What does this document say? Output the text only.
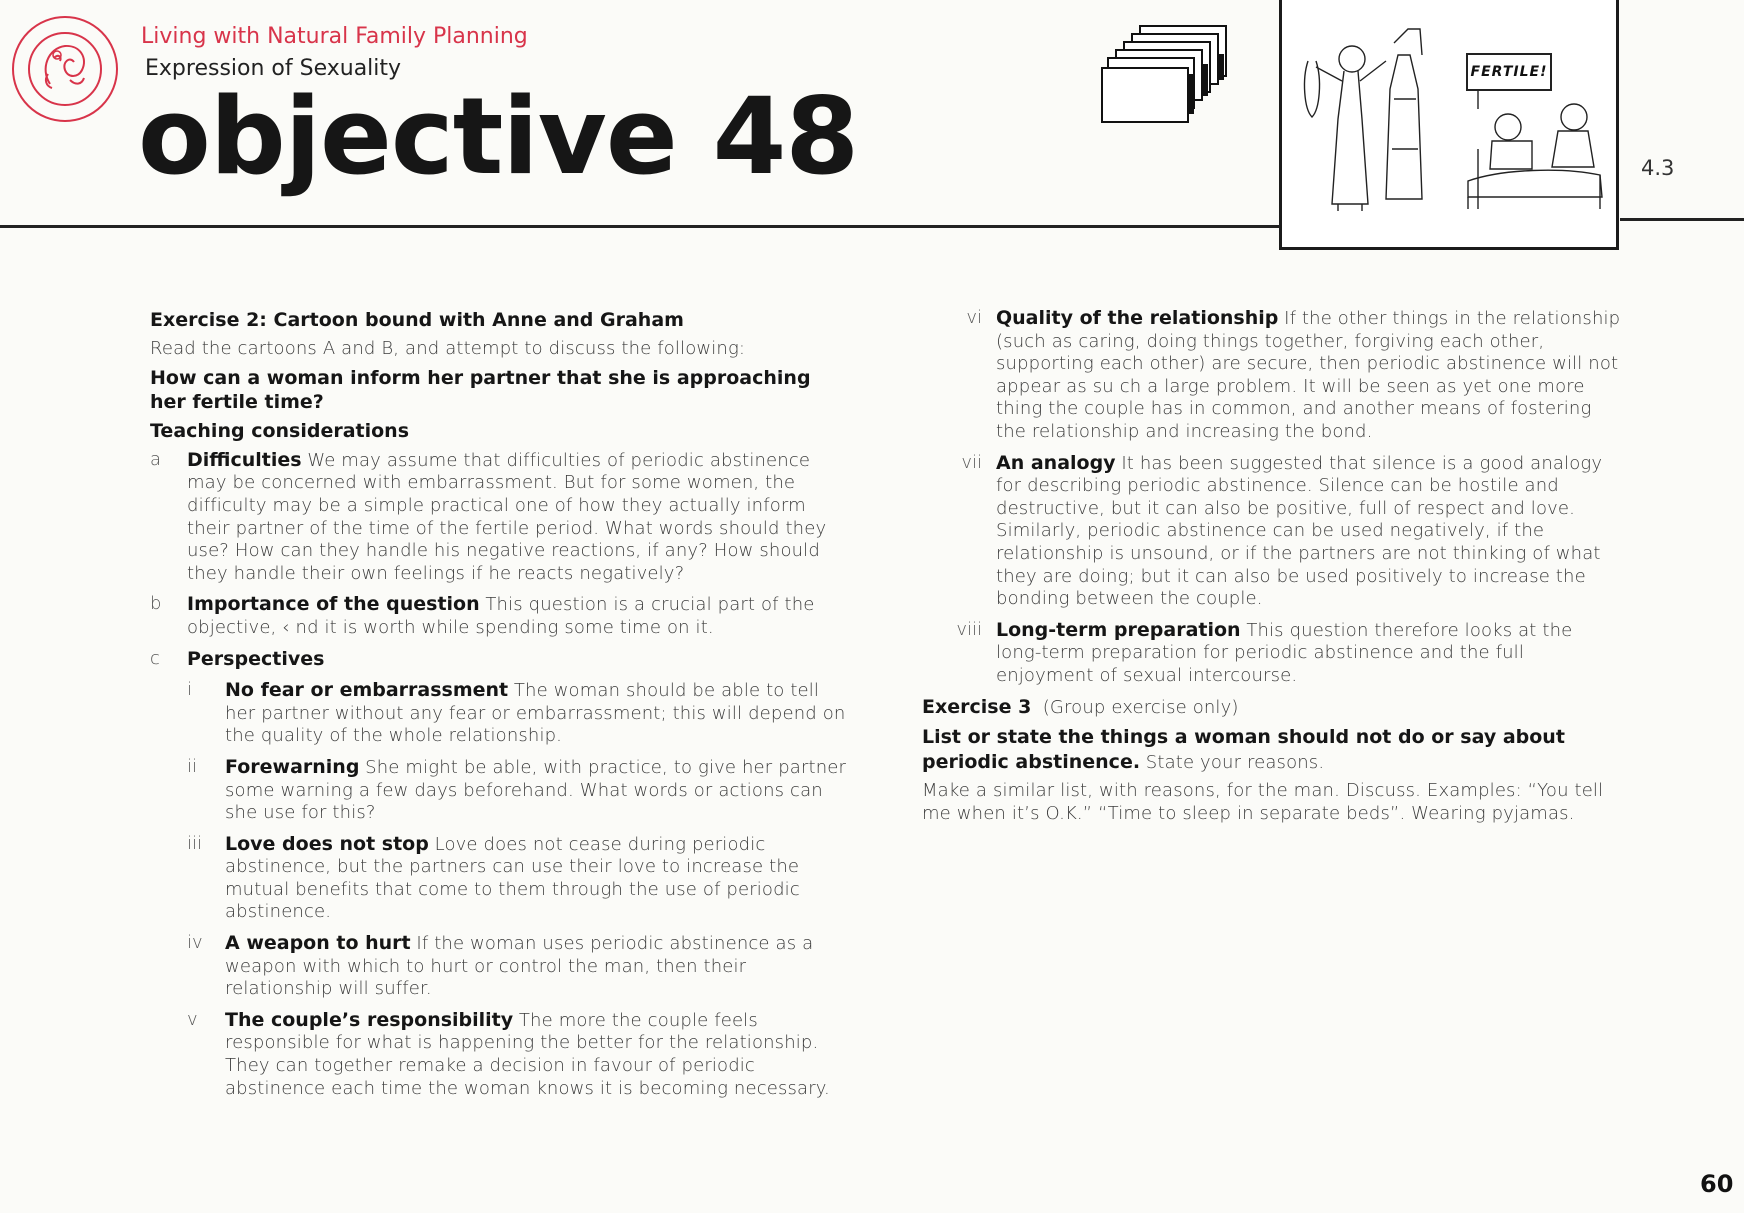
Living with Natural Family Planning
Expression of Sexuality
objective 48
FERTILE!
4.3

Exercise 2: Cartoon bound with Anne and Graham

Read the cartoons A and B, and attempt to discuss the following:

How can a woman inform her partner that she is approaching her fertile time?

Teaching considerations

a Difficulties We may assume that difficulties of periodic abstinence may be concerned with embarrassment. But for some women, the difficulty may be a simple practical one of how they actually inform their partner of the time of the fertile period. What words should they use? How can they handle his negative reactions, if any? How should they handle their own feelings if he reacts negatively?

b Importance of the question This question is a crucial part of the objective, ‹ nd it is worth while spending some time on it.

c Perspectives

i No fear or embarrassment The woman should be able to tell her partner without any fear or embarrassment; this will depend on the quality of the whole relationship.

ii Forewarning She might be able, with practice, to give her partner some warning a few days beforehand. What words or actions can she use for this?

iii Love does not stop Love does not cease during periodic abstinence, but the partners can use their love to increase the mutual benefits that come to them through the use of periodic abstinence.

iv A weapon to hurt If the woman uses periodic abstinence as a weapon with which to hurt or control the man, then their relationship will suffer.

v The couple’s responsibility The more the couple feels responsible for what is happening the better for the relationship. They can together remake a decision in favour of periodic abstinence each time the woman knows it is becoming necessary.

vi Quality of the relationship If the other things in the relationship (such as caring, doing things together, forgiving each other, supporting each other) are secure, then periodic abstinence will not appear as su ch a large problem. It will be seen as yet one more thing the couple has in common, and another means of fostering the relationship and increasing the bond.

vii An analogy It has been suggested that silence is a good analogy for describing periodic abstinence. Silence can be hostile and destructive, but it can also be positive, full of respect and love. Similarly, periodic abstinence can be used negatively, if the relationship is unsound, or if the partners are not thinking of what they are doing; but it can also be used positively to increase the bonding between the couple.

viii Long-term preparation This question therefore looks at the long-term preparation for periodic abstinence and the full enjoyment of sexual intercourse.

Exercise 3 (Group exercise only)

List or state the things a woman should not do or say about periodic abstinence. State your reasons.

Make a similar list, with reasons, for the man. Discuss. Examples: “You tell me when it’s O.K.” “Time to sleep in separate beds”. Wearing pyjamas.

60
